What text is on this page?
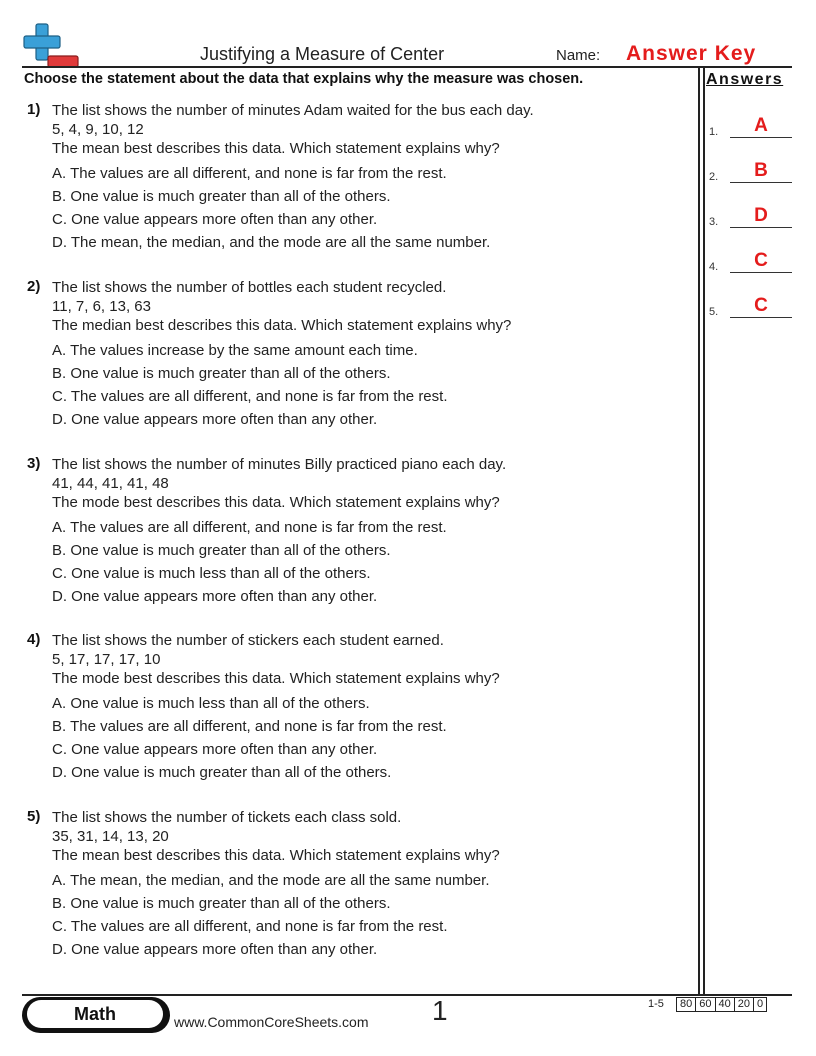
Justifying a Measure of Center	Name: Answer Key
Choose the statement about the data that explains why the measure was chosen.	Answers
1.	A
2.	B
3.	D
4.	C
5.	C
1) The list shows the number of minutes Adam waited for the bus each day.
5, 4, 9, 10, 12
The mean best describes this data. Which statement explains why?
A. The values are all different, and none is far from the rest.
B. One value is much greater than all of the others.
C. One value appears more often than any other.
D. The mean, the median, and the mode are all the same number.
2) The list shows the number of bottles each student recycled.
11, 7, 6, 13, 63
The median best describes this data. Which statement explains why?
A. The values increase by the same amount each time.
B. One value is much greater than all of the others.
C. The values are all different, and none is far from the rest.
D. One value appears more often than any other.
3) The list shows the number of minutes Billy practiced piano each day.
41, 44, 41, 41, 48
The mode best describes this data. Which statement explains why?
A. The values are all different, and none is far from the rest.
B. One value is much greater than all of the others.
C. One value is much less than all of the others.
D. One value appears more often than any other.
4) The list shows the number of stickers each student earned.
5, 17, 17, 17, 10
The mode best describes this data. Which statement explains why?
A. One value is much less than all of the others.
B. The values are all different, and none is far from the rest.
C. One value appears more often than any other.
D. One value is much greater than all of the others.
5) The list shows the number of tickets each class sold.
35, 31, 14, 13, 20
The mean best describes this data. Which statement explains why?
A. The mean, the median, and the mode are all the same number.
B. One value is much greater than all of the others.
C. The values are all different, and none is far from the rest.
D. One value appears more often than any other.
Math	www.CommonCoreSheets.com 1	1-5	80 60 40 20 0
